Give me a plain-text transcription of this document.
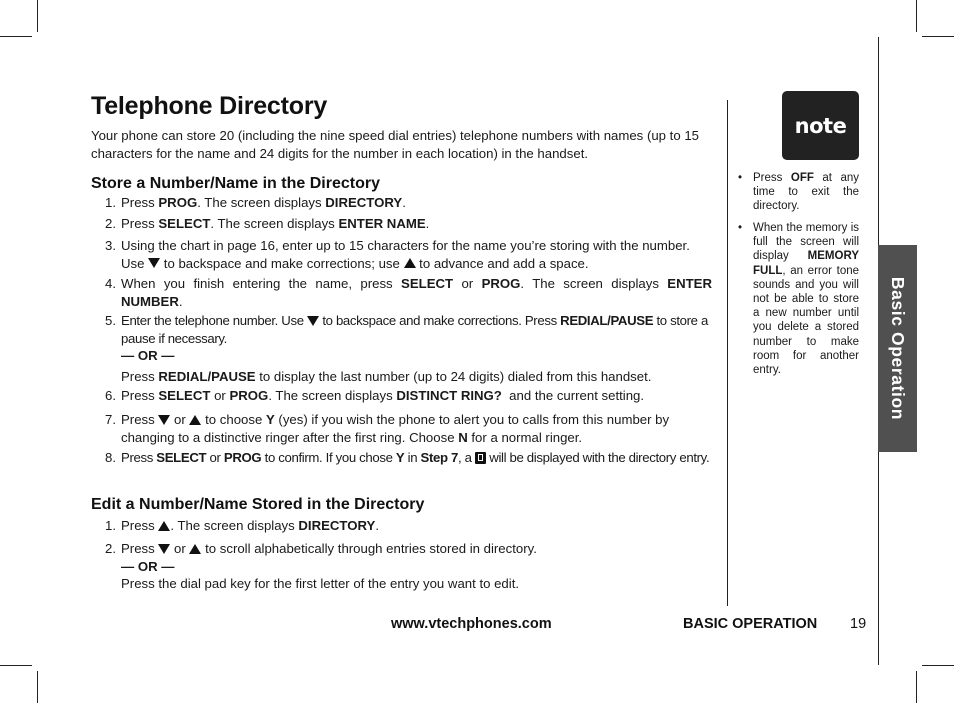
Telephone Directory

Your phone can store 20 (including the nine speed dial entries) telephone numbers with names (up to 15 characters for the name and 24 digits for the number in each location) in the handset.

Store a Number/Name in the Directory
1. Press PROG. The screen displays DIRECTORY.
2. Press SELECT. The screen displays ENTER NAME.
3. Using the chart in page 16, enter up to 15 characters for the name you’re storing with the number. Use  to backspace and make corrections; use  to advance and add a space.
4. When you finish entering the name, press SELECT or PROG. The screen displays ENTER NUMBER.
5. Enter the telephone number. Use  to backspace and make corrections. Press REDIAL/PAUSE to store a pause if necessary.
— OR —
Press REDIAL/PAUSE to display the last number (up to 24 digits) dialed from this handset.
6. Press SELECT or PROG. The screen displays DISTINCT RING?  and the current setting.
7. Press  or  to choose Y (yes) if you wish the phone to alert you to calls from this number by changing to a distinctive ringer after the first ring. Choose N for a normal ringer.
8. Press SELECT or PROG to confirm. If you chose Y in Step 7, a  will be displayed with the directory entry.
Edit a Number/Name Stored in the Directory
1. Press . The screen displays DIRECTORY.
2. Press  or  to scroll alphabetically through entries stored in directory.
— OR —
Press the dial pad key for the first letter of the entry you want to edit.
note
• Press OFF at any time to exit the directory.
• When the memory is full the screen will display MEMORY FULL, an error tone sounds and you will not be able to store a new number until you delete a stored number to make room for another entry.	Basic Operation
www.vtechphones.com	BASIC OPERATION 19
